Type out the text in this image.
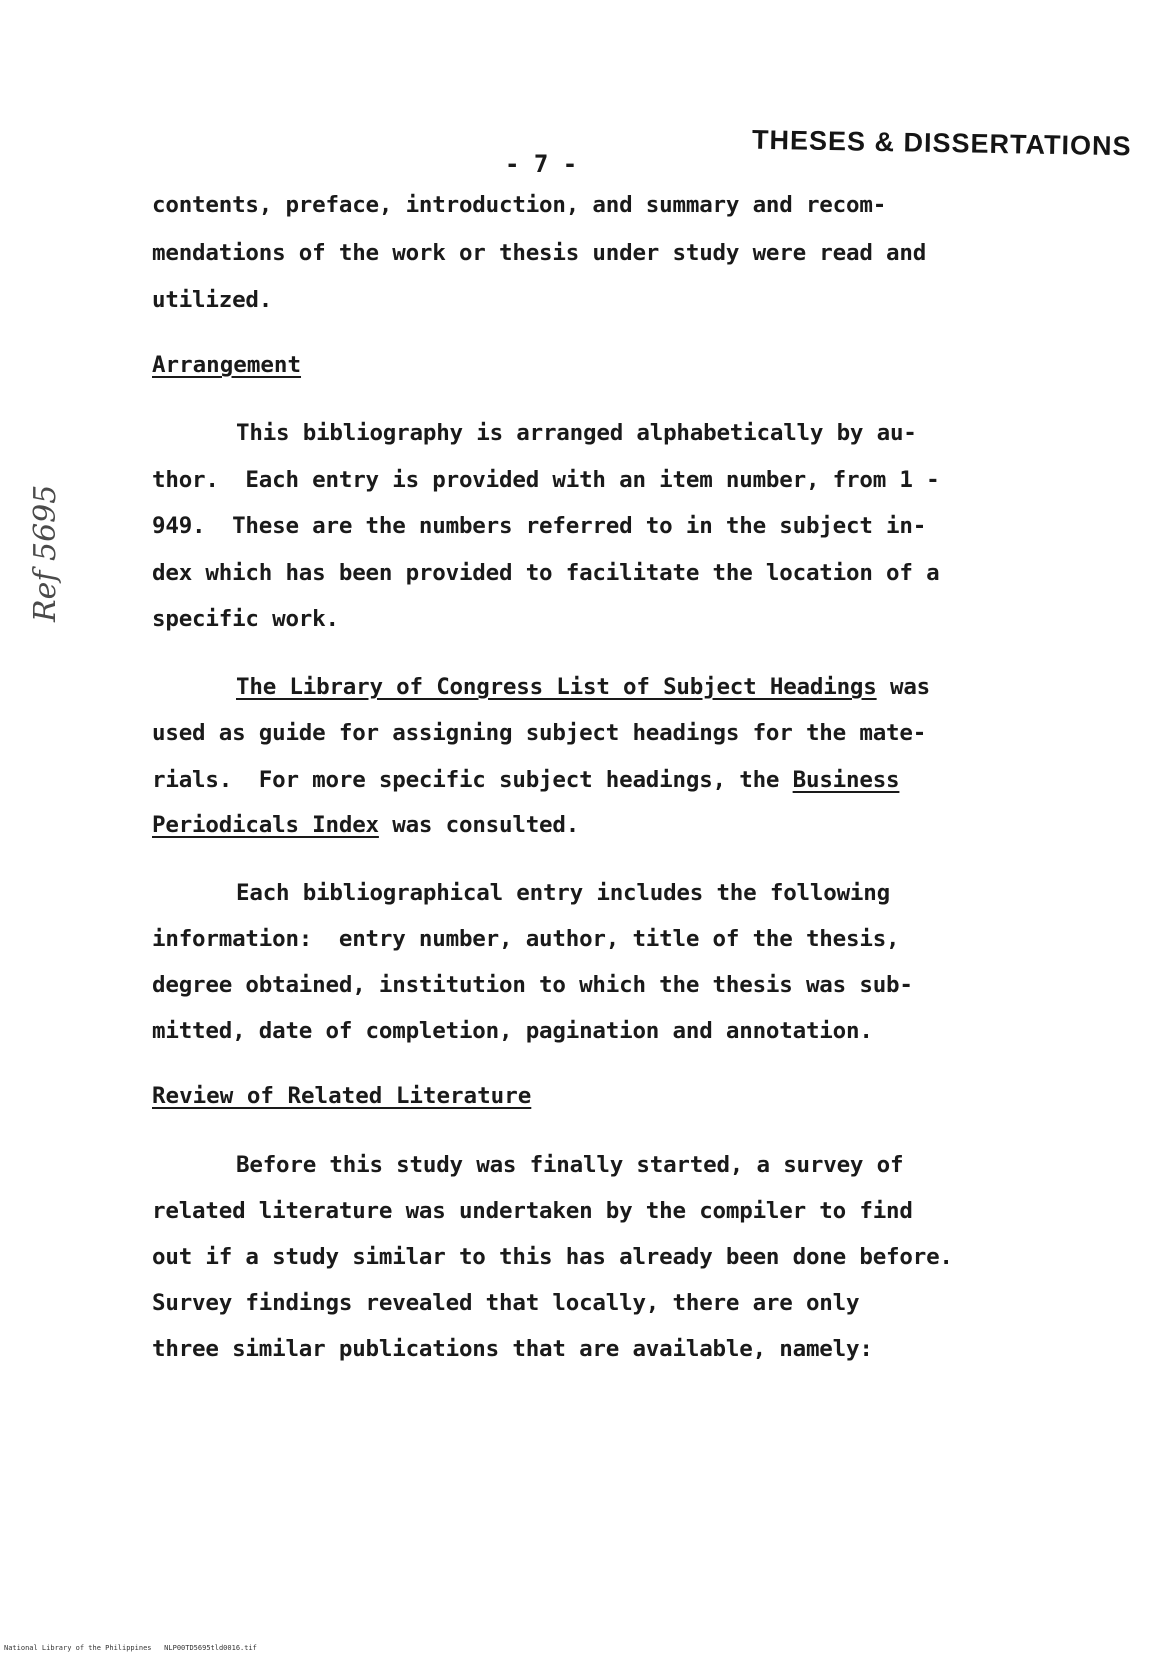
THESES & DISSERTATIONS
- 7 -
Ref 5695
contents, preface, introduction, and summary and recom-
mendations of the work or thesis under study were read and
utilized.
Arrangement
This bibliography is arranged alphabetically by au-
thor.  Each entry is provided with an item number, from 1 -
949.  These are the numbers referred to in the subject in-
dex which has been provided to facilitate the location of a
specific work.
The Library of Congress List of Subject Headings was
used as guide for assigning subject headings for the mate-
rials.  For more specific subject headings, the Business
Periodicals Index was consulted.
Each bibliographical entry includes the following
information:  entry number, author, title of the thesis,
degree obtained, institution to which the thesis was sub-
mitted, date of completion, pagination and annotation.
Review of Related Literature
Before this study was finally started, a survey of
related literature was undertaken by the compiler to find
out if a study similar to this has already been done before.
Survey findings revealed that locally, there are only
three similar publications that are available, namely:
National Library of the Philippines NLP00TD5695tld0016.tif
